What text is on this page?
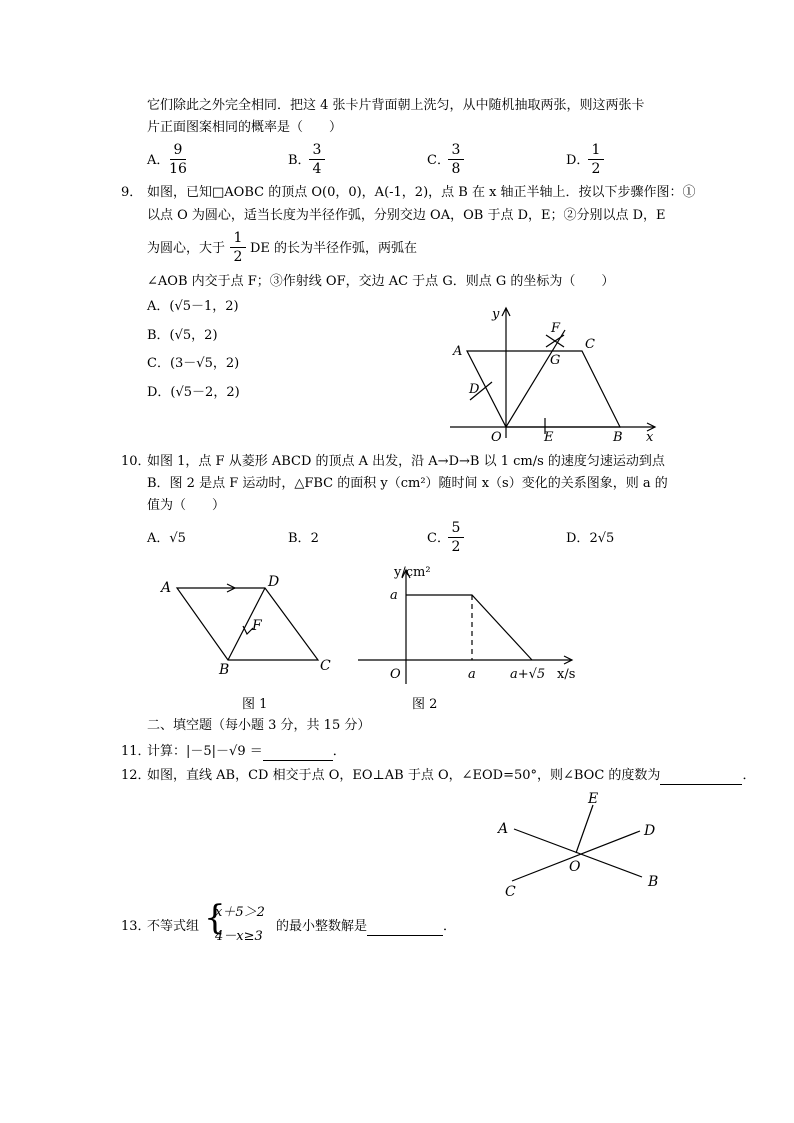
它们除此之外完全相同．把这 4 张卡片背面朝上洗匀，从中随机抽取两张，则这两张卡
片正面图案相同的概率是（　　）
A．
9
16
B．
3
4
C．
3
8
D．
1
2
9． 如图，已知□AOBC 的顶点 O(0，0)，A(-1，2)，点 B 在 x 轴正半轴上．按以下步骤作图：①
以点 O 为圆心，适当长度为半径作弧，分别交边 OA，OB 于点 D，E；②分别以点 D，E
为圆心，大于
1
2
DE 的长为半径作弧，两弧在
∠AOB 内交于点 F；③作射线 OF，交边 AC 于点 G．则点 G 的坐标为（　　）
A．(√5－1，2)
B．(√5，2)
C．(3－√5，2)
D．(√5－2，2)
y
x
O
A
B
C
D
E
F
G
10．
如图 1，点 F 从菱形 ABCD 的顶点 A 出发，沿 A→D→B 以 1 cm/s 的速度匀速运动到点
B．图 2 是点 F 运动时，△FBC 的面积 y（cm²）随时间 x（s）变化的关系图象，则 a 的
值为（　　）
A．√5	B．2	C．
5
2
D．2√5
A	D
B	C
F
图 1
y/cm²
x/s
O
a
a	a+√5
图 2
二、填空题（每小题 3 分，共 15 分）
11．
计算：|－5|－√9 ＝	．
12．
如图，直线 AB，CD 相交于点 O，EO⊥AB 于点 O，∠EOD=50°，则∠BOC 的度数为	．
A
B
C
D
E
O
13．
不等式组 {
x＋5＞2
4－x≥3
的最小整数解是	．
